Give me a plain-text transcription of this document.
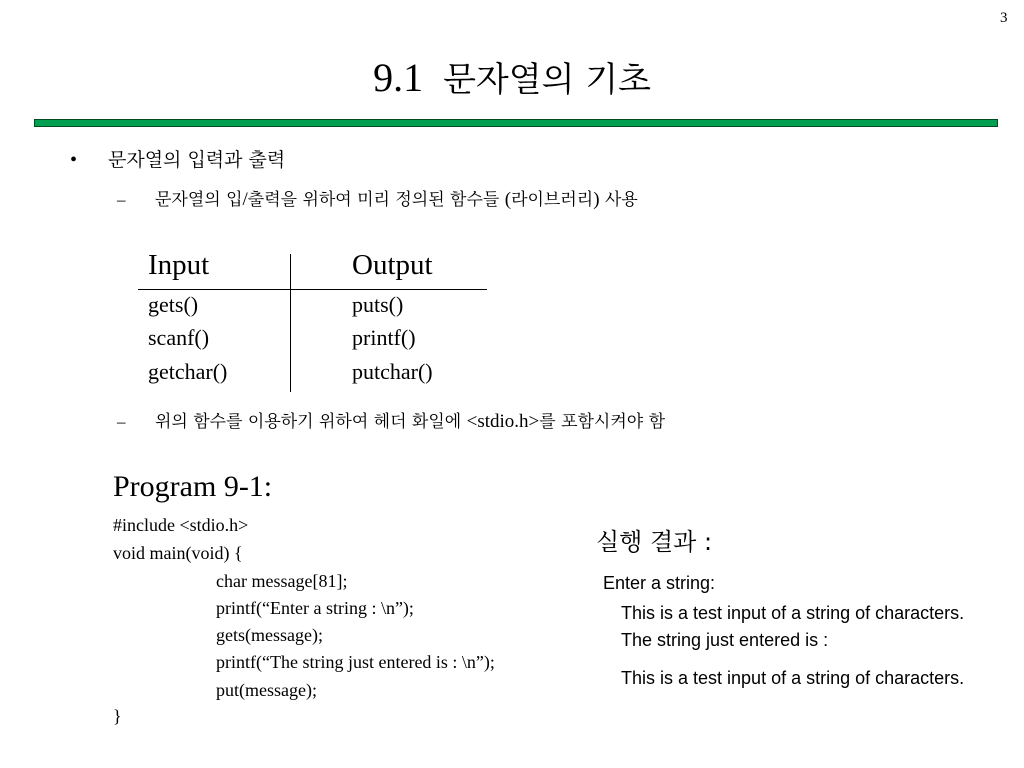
3
9.1 문자열의 기초
• 문자열의 입력과 출력
– 문자열의 입/출력을 위하여 미리 정의된 함수들 (라이브러리) 사용
Input	Output
gets()	puts()
scanf()	printf()
getchar()	putchar()
– 위의 함수를 이용하기 위하여 헤더 화일에 <stdio.h>를 포함시켜야 함
Program 9-1:
#include <stdio.h>
void main(void) {
char message[81];
printf(“Enter a string : \n”);
gets(message);
printf(“The string just entered is : \n”);
put(message);
}
실행 결과 :
Enter a string:
This is a test input of a string of characters.
The string just entered is :
This is a test input of a string of characters.
